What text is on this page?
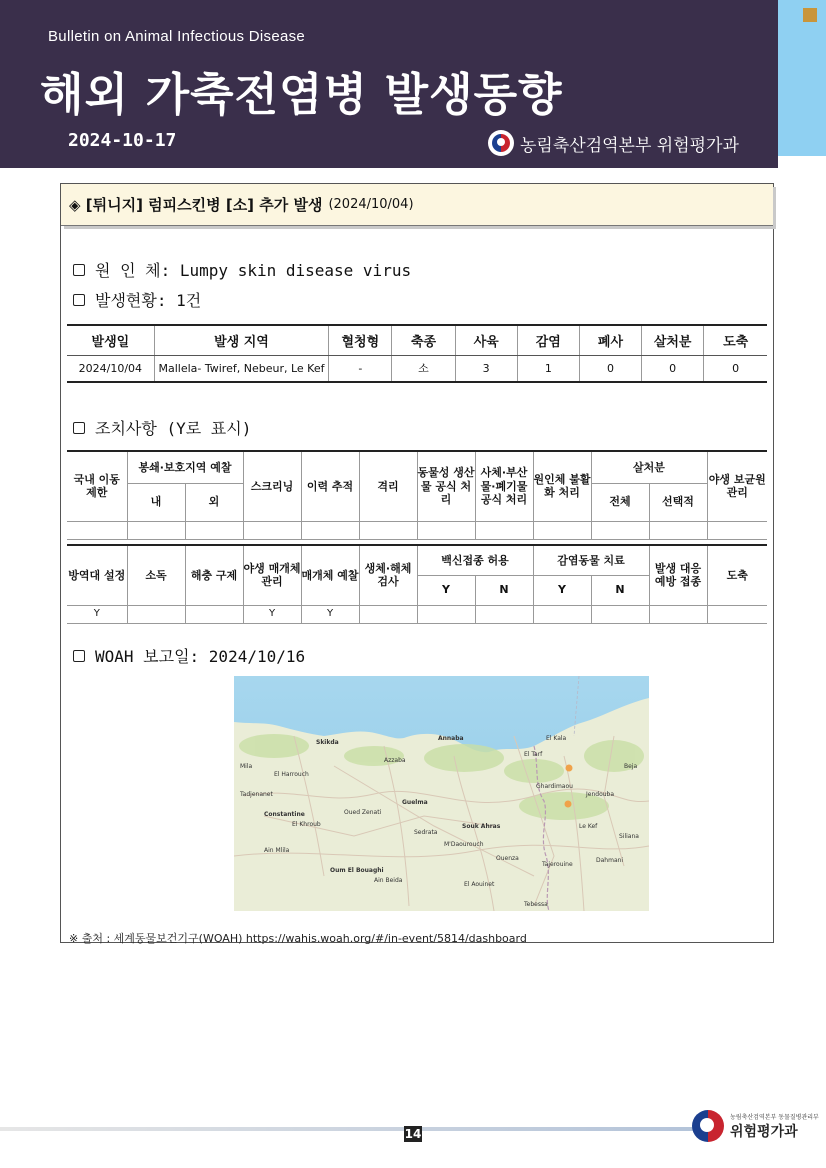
Bulletin on Animal Infectious Disease
해외 가축전염병 발생동향
2024-10-17	농림축산검역본부 위험평가과
◈ [튀니지] 럼피스킨병 [소] 추가 발생 (2024/10/04)
원 인 체: Lumpy skin disease virus
발생현황: 1건
발생일	발생 지역	혈청형	축종	사육	감염	폐사	살처분	도축
2024/10/04	Mallela- Twiref, Nebeur, Le Kef	-	소	3	1	0	0	0
조치사항 (Y로 표시)
국내 이동 제한	봉쇄·보호지역 예찰		스크리닝	이력 추적	격리	동물성 생산물 공식 처리	사체·부산물·폐기물 공식 처리	원인체 불활화 처리	살처분		야생 보균원 관리
	내	외							전체	선택적	

방역대 설정	소독	해충 구제	야생 매개체 관리	매개체 예찰	생체·해체 검사	백신접종 허용		감염동물 치료		발생 대응 예방 접종	도축
						Y	N	Y	N		
Y			Y	Y							
WOAH 보고일: 2024/10/16
Skikda
Annaba
El Tarf
Guelma
Constantine
Souk Ahras
Jendouba
Oum El Bouaghi
Ain Mlila
Tebessa
Le Kef
Siliana
Beja
El Kala
M'Daourouch
Ouenza	Dahmani
Tajerouine
Ghardimaou
Azzaba
El Harrouch
Mila
El Aouinet
Sedrata
Ain Beida
Tadjenanet
El Khroub
Oued Zenati
※ 출처 : 세계동물보건기구(WOAH) https://wahis.woah.org/#/in-event/5814/dashboard
14
농림축산검역본부 동물질병관리부
위험평가과
